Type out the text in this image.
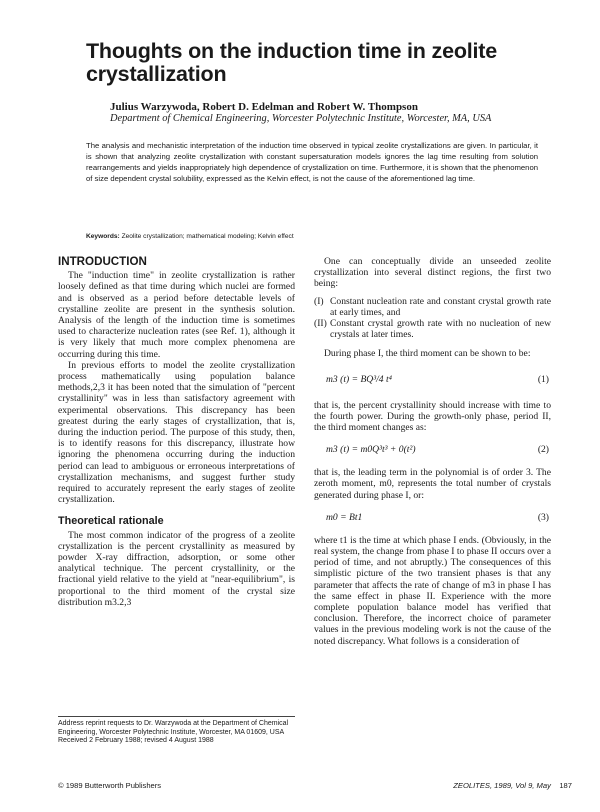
Thoughts on the induction time in zeolite crystallization
Julius Warzywoda, Robert D. Edelman and Robert W. Thompson
Department of Chemical Engineering, Worcester Polytechnic Institute, Worcester, MA, USA
The analysis and mechanistic interpretation of the induction time observed in typical zeolite crystallizations are given. In particular, it is shown that analyzing zeolite crystallization with constant supersaturation models ignores the lag time resulting from solution rearrangements and yields inappropriately high dependence of crystallization on time. Furthermore, it is shown that the phenomenon of size dependent crystal solubility, expressed as the Kelvin effect, is not the cause of the aforementioned lag time.
Keywords: Zeolite crystallization; mathematical modeling; Kelvin effect
INTRODUCTION

The "induction time" in zeolite crystallization is rather loosely defined as that time during which nuclei are formed and is observed as a period before detectable levels of crystalline zeolite are present in the synthesis solution. Analysis of the length of the induction time is sometimes used to characterize nucleation rates (see Ref. 1), although it is very likely that much more complex phenomena are occurring during this time.

In previous efforts to model the zeolite crystallization process mathematically using population balance methods,2,3 it has been noted that the simulation of "percent crystallinity" was in less than satisfactory agreement with experimental observations. This discrepancy has been greatest during the early stages of crystallization, that is, during the induction period. The purpose of this study, then, is to identify reasons for this discrepancy, illustrate how ignoring the phenomena occurring during the induction period can lead to ambiguous or erroneous interpretations of crystallization mechanisms, and suggest further study required to accurately represent the early stages of zeolite crystallization.

Theoretical rationale

The most common indicator of the progress of a zeolite crystallization is the percent crystallinity as measured by powder X-ray diffraction, adsorption, or some other analytical technique. The percent crystallinity, or the fractional yield relative to the yield at "near-equilibrium", is proportional to the third moment of the crystal size distribution m3.2,3

Address reprint requests to Dr. Warzywoda at the Department of Chemical Engineering, Worcester Polytechnic Institute, Worcester, MA 01609, USA
Received 2 February 1988; revised 4 August 1988

One can conceptually divide an unseeded zeolite crystallization into several distinct regions, the first two being:

(I) Constant nucleation rate and constant crystal growth rate at early times, and
(II) Constant crystal growth rate with no nucleation of new crystals at later times.

During phase I, the third moment can be shown to be:

m3 (t) = BQ³/4 t⁴	(1)

that is, the percent crystallinity should increase with time to the fourth power. During the growth-only phase, period II, the third moment changes as:

m3 (t) = m0Q³t³ + 0(t²)	(2)

that is, the leading term in the polynomial is of order 3. The zeroth moment, m0, represents the total number of crystals generated during phase I, or:

m0 = Bt1	(3)

where t1 is the time at which phase I ends. (Obviously, in the real system, the change from phase I to phase II occurs over a period of time, and not abruptly.) The consequences of this simplistic picture of the two transient phases is that any parameter that affects the rate of change of m3 in phase I has the same effect in phase II. Experience with the more complete population balance model has verified that conclusion. Therefore, the incorrect choice of parameter values in the previous modeling work is not the cause of the noted discrepancy. What follows is a consideration of

© 1989 Butterworth Publishers	ZEOLITES, 1989, Vol 9, May 187
